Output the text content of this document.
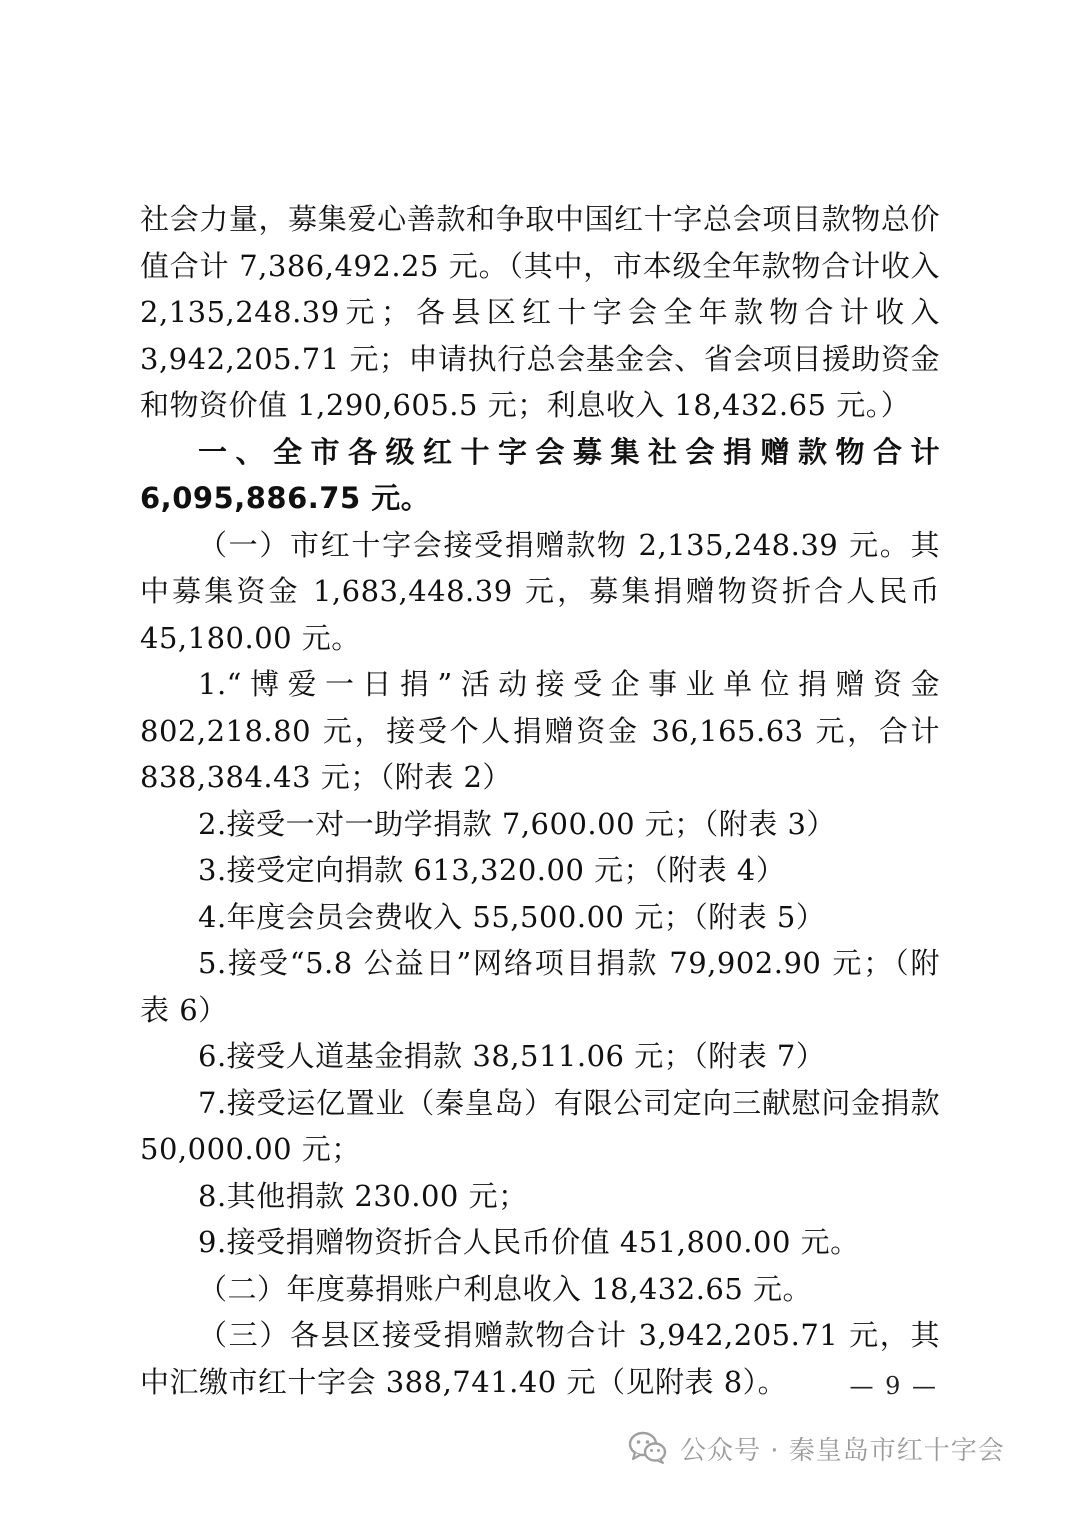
社会力量，募集爱心善款和争取中国红十字总会项目款物总价值合计 7,386,492.25 元。（其中，市本级全年款物合计收入 2,135,248.39元；各县区红十字会全年款物合计收入 3,942,205.71 元；申请执行总会基金会、省会项目援助资金和物资价值 1,290,605.5 元；利息收入 18,432.65 元。）

一、全市各级红十字会募集社会捐赠款物合计 6,095,886.75 元。

（一）市红十字会接受捐赠款物 2,135,248.39 元。其中募集资金 1,683,448.39 元，募集捐赠物资折合人民币 45,180.00 元。

1.“博爱一日捐”活动接受企事业单位捐赠资金 802,218.80 元，接受个人捐赠资金 36,165.63 元，合计 838,384.43 元；（附表 2）

2.接受一对一助学捐款 7,600.00 元；（附表 3）

3.接受定向捐款 613,320.00 元；（附表 4）

4.年度会员会费收入 55,500.00 元；（附表 5）

5.接受“5.8 公益日”网络项目捐款 79,902.90 元；（附表 6）

6.接受人道基金捐款 38,511.06 元；（附表 7）

7.接受运亿置业（秦皇岛）有限公司定向三献慰问金捐款 50,000.00 元；

8.其他捐款 230.00 元；

9.接受捐赠物资折合人民币价值 451,800.00 元。

（二）年度募捐账户利息收入 18,432.65 元。

（三）各县区接受捐赠款物合计 3,942,205.71 元，其中汇缴市红十字会 388,741.40 元（见附表 8）。	— 9 —
公众号 · 秦皇岛市红十字会
